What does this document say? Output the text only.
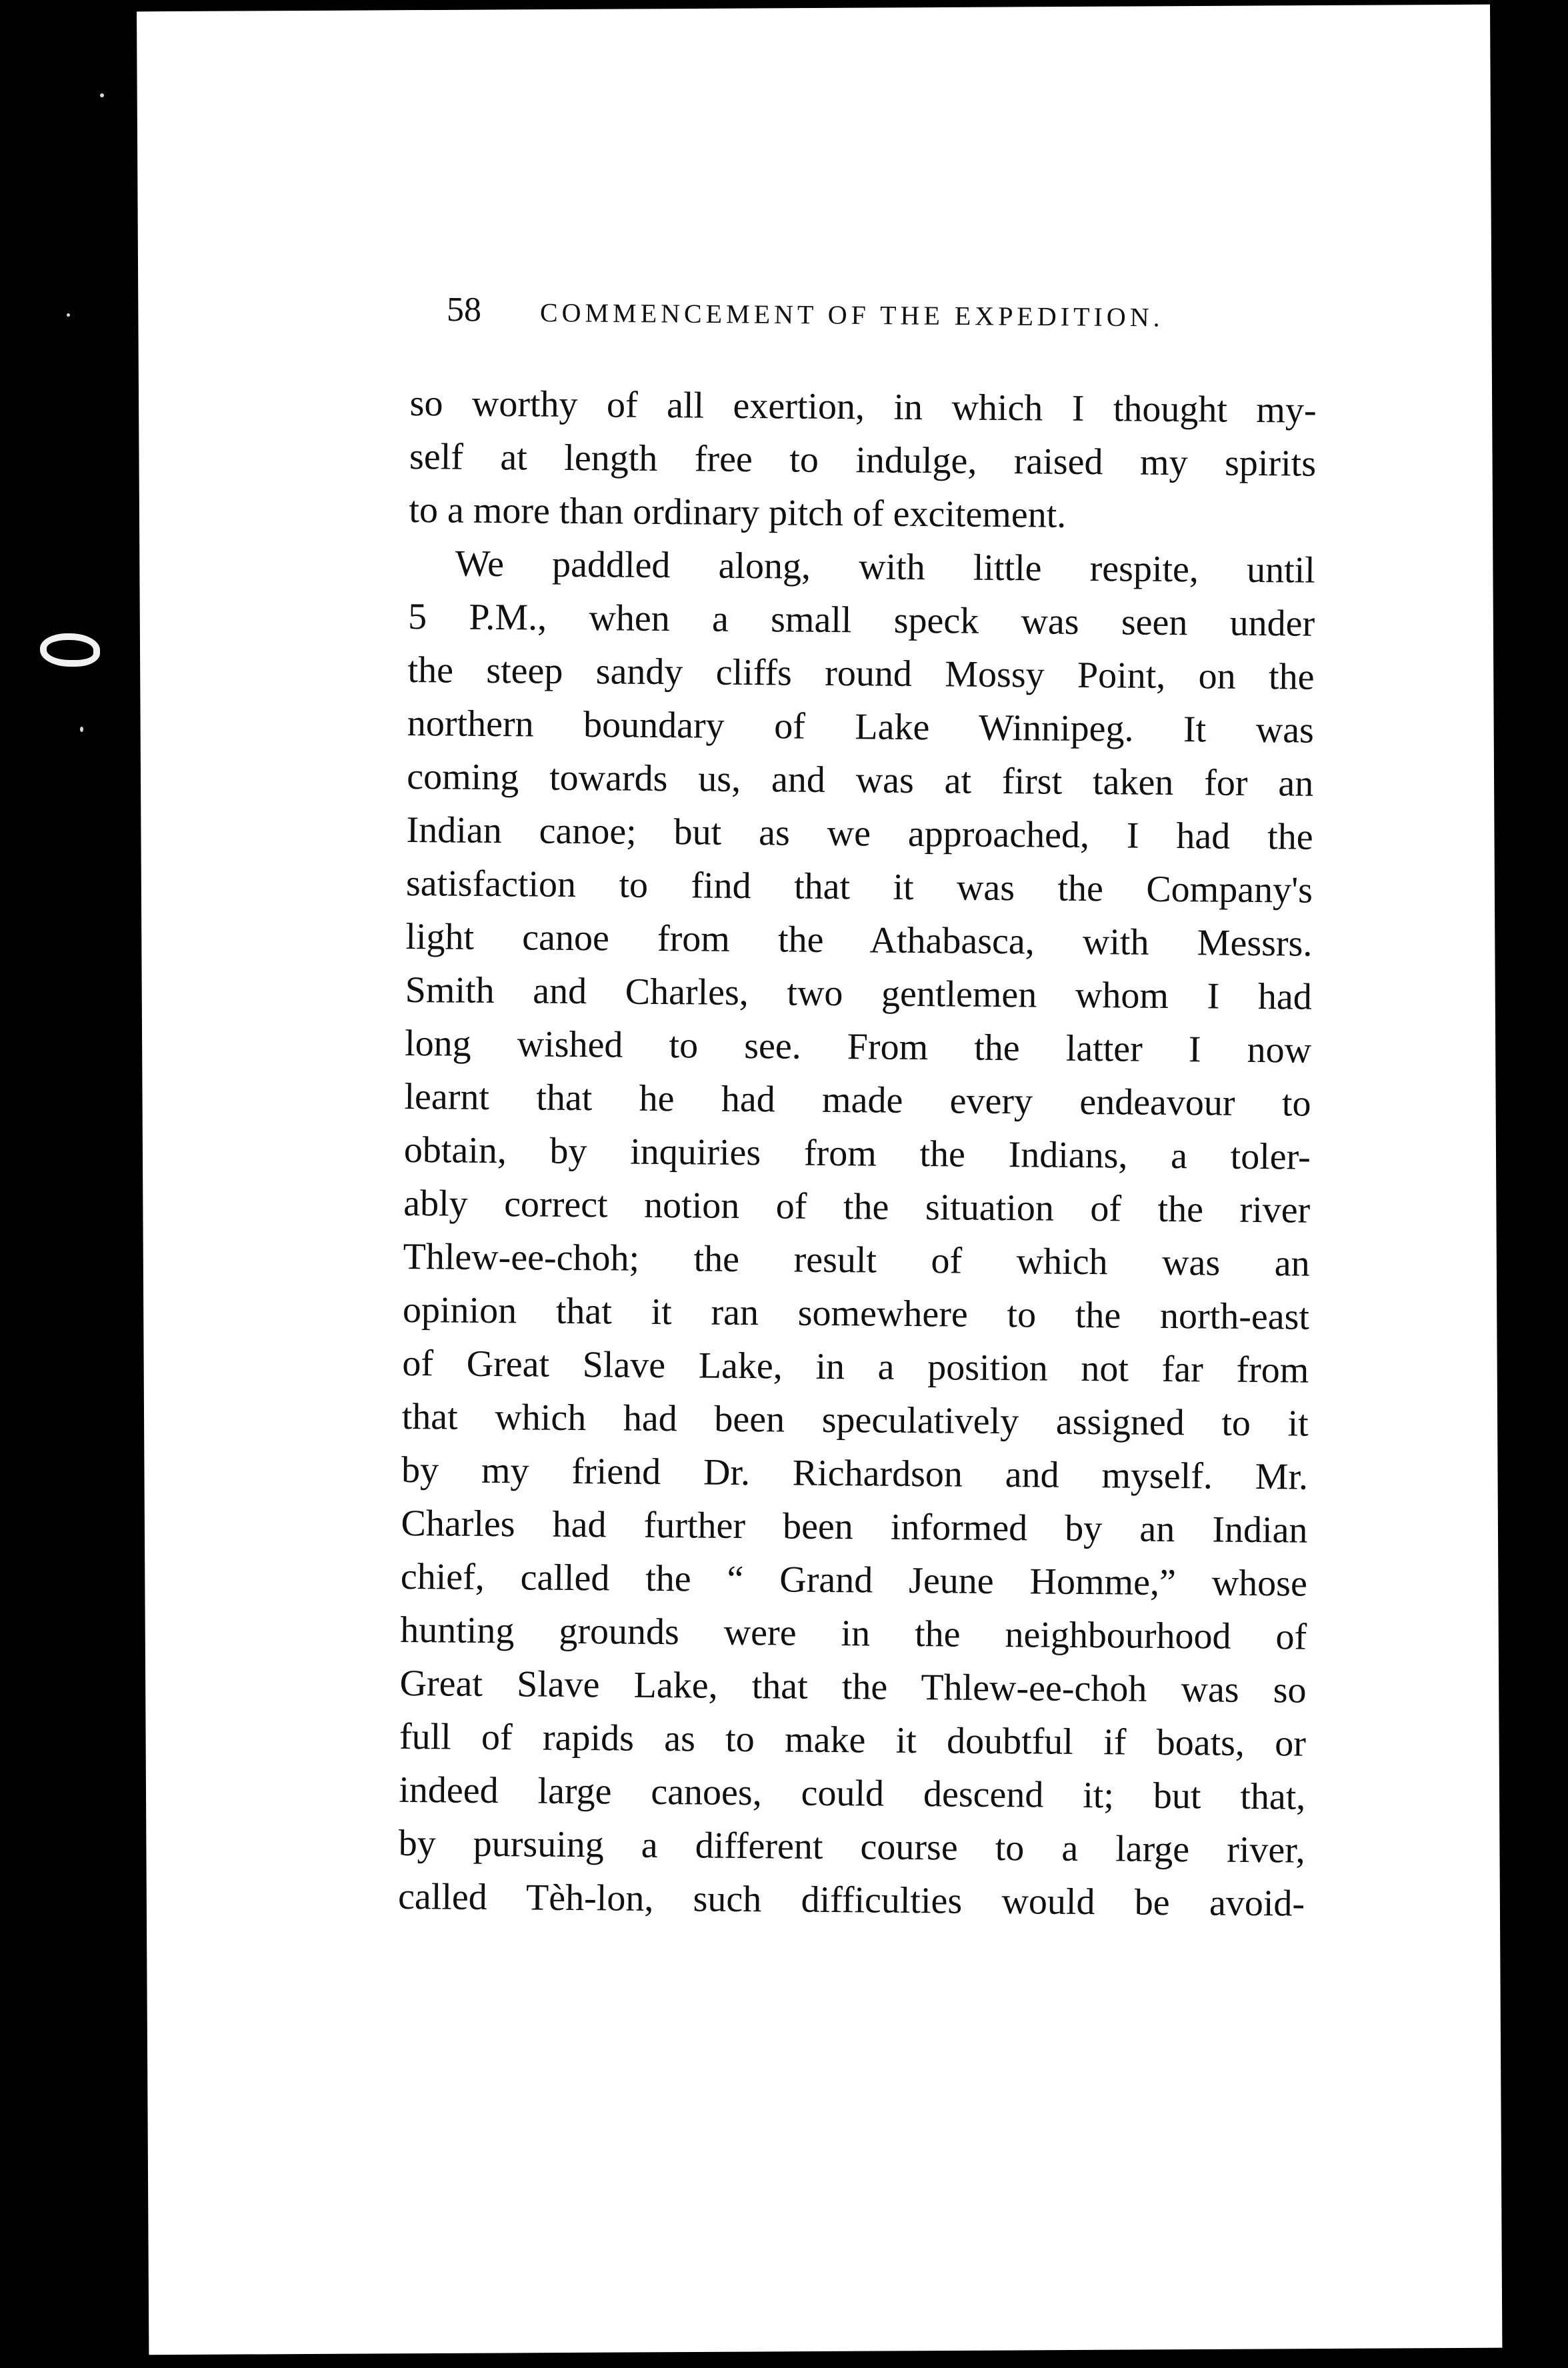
58 COMMENCEMENT OF THE EXPEDITION.
so worthy of all exertion, in which I thought my-
self at length free to indulge, raised my spirits
to a more than ordinary pitch of excitement.
We paddled along, with little respite, until
5 P.M., when a small speck was seen under
the steep sandy cliffs round Mossy Point, on the
northern boundary of Lake Winnipeg. It was
coming towards us, and was at first taken for an
Indian canoe; but as we approached, I had the
satisfaction to find that it was the Company's
light canoe from the Athabasca, with Messrs.
Smith and Charles, two gentlemen whom I had
long wished to see. From the latter I now
learnt that he had made every endeavour to
obtain, by inquiries from the Indians, a toler-
ably correct notion of the situation of the river
Thlew-ee-choh; the result of which was an
opinion that it ran somewhere to the north-east
of Great Slave Lake, in a position not far from
that which had been speculatively assigned to it
by my friend Dr. Richardson and myself. Mr.
Charles had further been informed by an Indian
chief, called the “ Grand Jeune Homme,” whose
hunting grounds were in the neighbourhood of
Great Slave Lake, that the Thlew-ee-choh was so
full of rapids as to make it doubtful if boats, or
indeed large canoes, could descend it; but that,
by pursuing a different course to a large river,
called Tèh-lon, such difficulties would be avoid-
